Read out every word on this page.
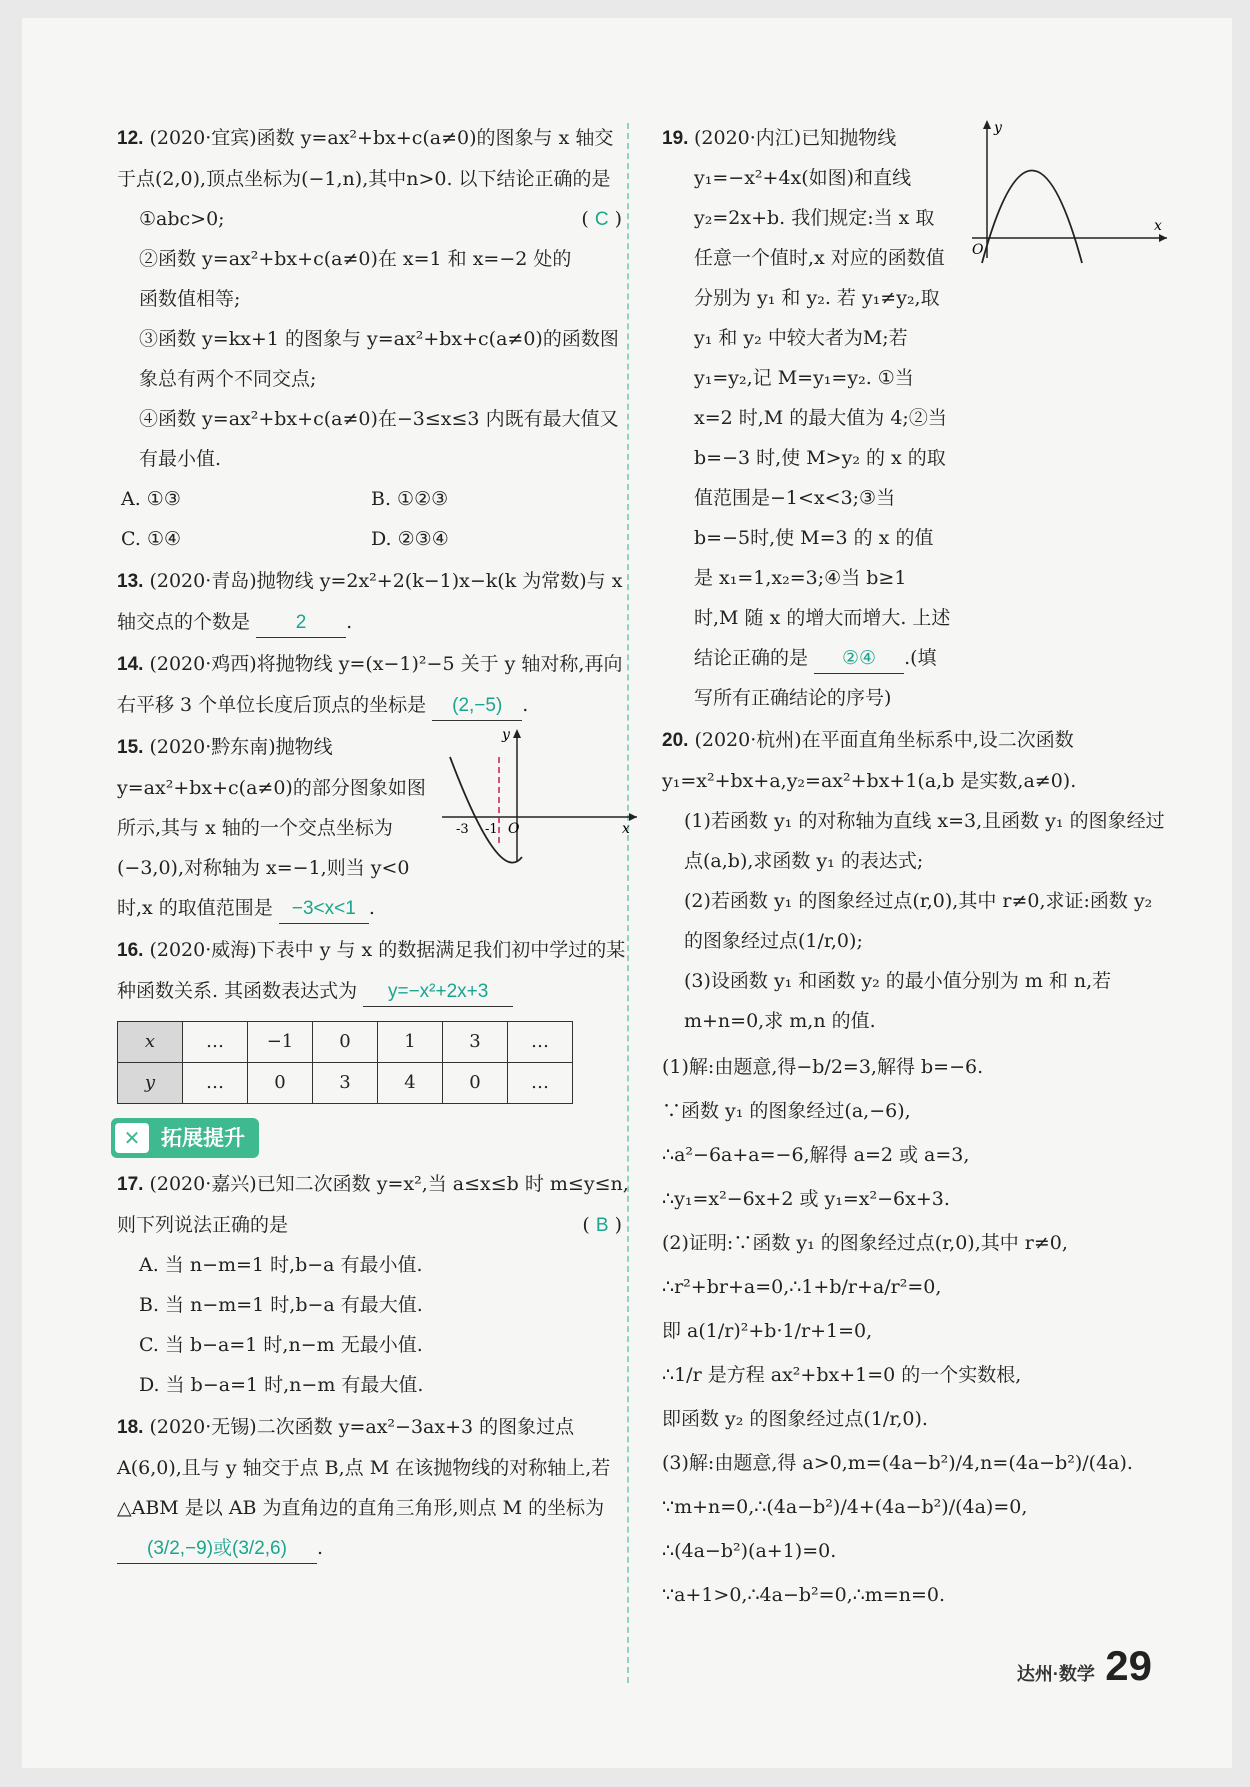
12. (2020·宜宾)函数 y=ax²+bx+c(a≠0)的图象与 x 轴交于点(2,0),顶点坐标为(−1,n),其中n>0. 以下结论正确的是
( C )
①abc>0;
②函数 y=ax²+bx+c(a≠0)在 x=1 和 x=−2 处的函数值相等;
③函数 y=kx+1 的图象与 y=ax²+bx+c(a≠0)的函数图象总有两个不同交点;
④函数 y=ax²+bx+c(a≠0)在−3≤x≤3 内既有最大值又有最小值.
A. ①③	B. ①②③
C. ①④	D. ②③④
13. (2020·青岛)抛物线 y=2x²+2(k−1)x−k(k 为常数)与 x 轴交点的个数是 2 .
14. (2020·鸡西)将抛物线 y=(x−1)²−5 关于 y 轴对称,再向右平移 3 个单位长度后顶点的坐标是 (2,−5) .
15. (2020·黔东南)抛物线 y=ax²+bx+c(a≠0)的部分图象如图所示,其与 x 轴的一个交点坐标为(−3,0),对称轴为 x=−1,则当 y<0 时,x 的取值范围是 −3<x<1 .
y
x
O
-3 -1
16. (2020·威海)下表中 y 与 x 的数据满足我们初中学过的某种函数关系. 其函数表达式为 y=−x²+2x+3
x	…	−1	0	1	3	…
y	…	0	3	4	0	…
✕ 拓展提升
17. (2020·嘉兴)已知二次函数 y=x²,当 a≤x≤b 时 m≤y≤n,则下列说法正确的是	( B )
A. 当 n−m=1 时,b−a 有最小值.
B. 当 n−m=1 时,b−a 有最大值.
C. 当 b−a=1 时,n−m 无最小值.
D. 当 b−a=1 时,n−m 有最大值.
18. (2020·无锡)二次函数 y=ax²−3ax+3 的图象过点 A(6,0),且与 y 轴交于点 B,点 M 在该抛物线的对称轴上,若△ABM 是以 AB 为直角边的直角三角形,则点 M 的坐标为 (3/2,−9)或(3/2,6) .
19.	y
x
O
(2020·内江)已知抛物线 y₁=−x²+4x(如图)和直线 y₂=2x+b. 我们规定:当 x 取任意一个值时,x 对应的函数值分别为 y₁ 和 y₂. 若 y₁≠y₂,取 y₁ 和 y₂ 中较大者为M;若 y₁=y₂,记 M=y₁=y₂. ①当 x=2 时,M 的最大值为 4;②当 b=−3 时,使 M>y₂ 的 x 的取值范围是−1<x<3;③当 b=−5时,使 M=3 的 x 的值是 x₁=1,x₂=3;④当 b≥1 时,M 随 x 的增大而增大. 上述结论正确的是 ②④ .(填写所有正确结论的序号)
20. (2020·杭州)在平面直角坐标系中,设二次函数 y₁=x²+bx+a,y₂=ax²+bx+1(a,b 是实数,a≠0).
(1)若函数 y₁ 的对称轴为直线 x=3,且函数 y₁ 的图象经过点(a,b),求函数 y₁ 的表达式;
(2)若函数 y₁ 的图象经过点(r,0),其中 r≠0,求证:函数 y₂ 的图象经过点(1/r,0);
(3)设函数 y₁ 和函数 y₂ 的最小值分别为 m 和 n,若 m+n=0,求 m,n 的值.
(1)解:由题意,得−b/2=3,解得 b=−6.
∵函数 y₁ 的图象经过(a,−6),
∴a²−6a+a=−6,解得 a=2 或 a=3,
∴y₁=x²−6x+2 或 y₁=x²−6x+3.
(2)证明:∵函数 y₁ 的图象经过点(r,0),其中 r≠0,
∴r²+br+a=0,∴1+b/r+a/r²=0,
即 a(1/r)²+b·1/r+1=0,
∴1/r 是方程 ax²+bx+1=0 的一个实数根,
即函数 y₂ 的图象经过点(1/r,0).
(3)解:由题意,得 a>0,m=(4a−b²)/4,n=(4a−b²)/(4a).
∵m+n=0,∴(4a−b²)/4+(4a−b²)/(4a)=0,
∴(4a−b²)(a+1)=0.
∵a+1>0,∴4a−b²=0,∴m=n=0.
达州·数学 29
